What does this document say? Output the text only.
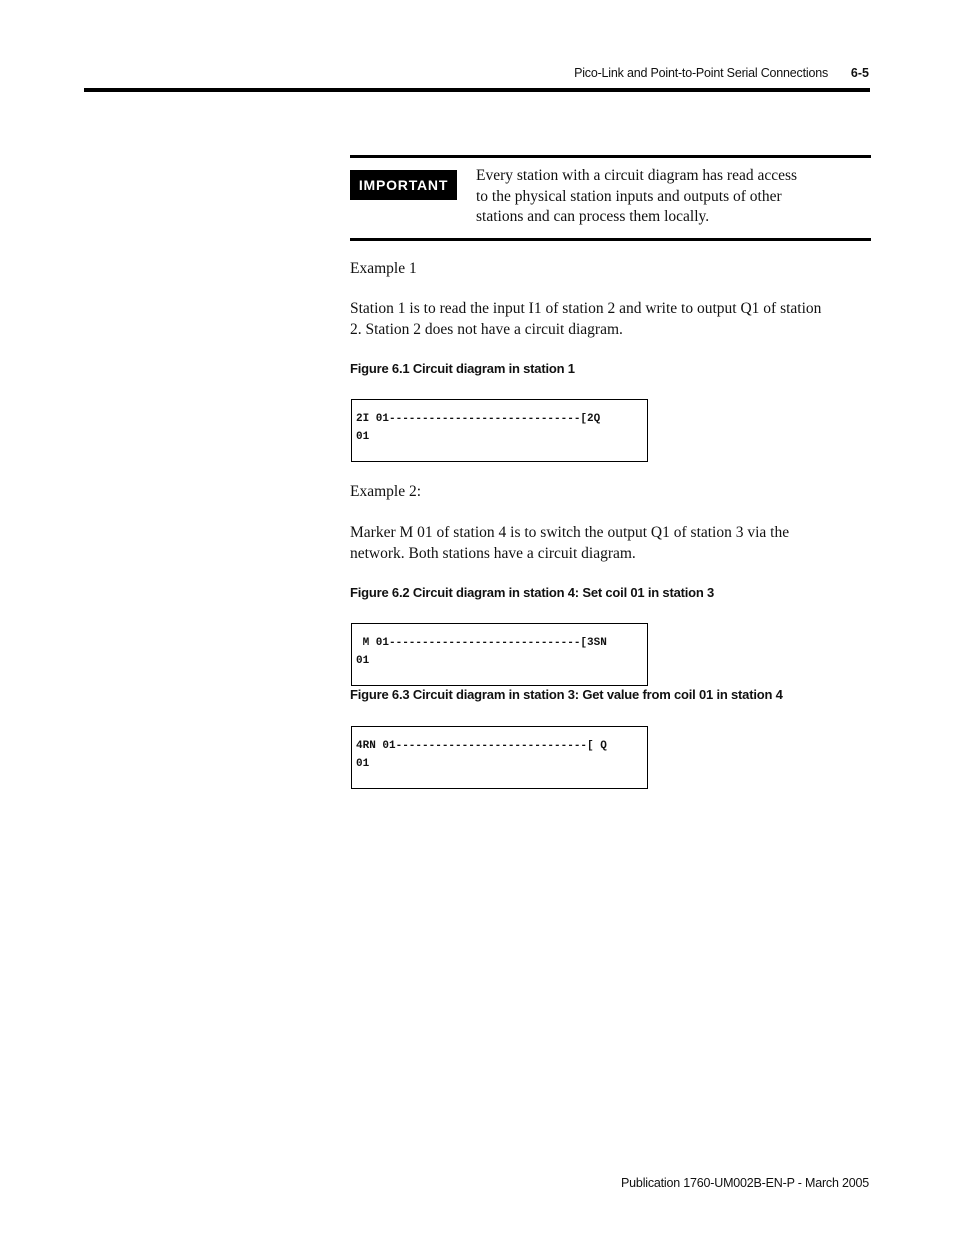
Pico-Link and Point-to-Point Serial Connections 6-5
IMPORTANT
Every station with a circuit diagram has read access
to the physical station inputs and outputs of other
stations and can process them locally.
Example 1
Station 1 is to read the input I1 of station 2 and write to output Q1 of station
2. Station 2 does not have a circuit diagram.
Figure 6.1 Circuit diagram in station 1
2I 01-----------------------------[2Q
01
Example 2:
Marker M 01 of station 4 is to switch the output Q1 of station 3 via the
network. Both stations have a circuit diagram.
Figure 6.2 Circuit diagram in station 4: Set coil 01 in station 3
M 01-----------------------------[3SN
01
Figure 6.3 Circuit diagram in station 3: Get value from coil 01 in station 4
4RN 01-----------------------------[ Q
01
Publication 1760-UM002B-EN-P - March 2005
